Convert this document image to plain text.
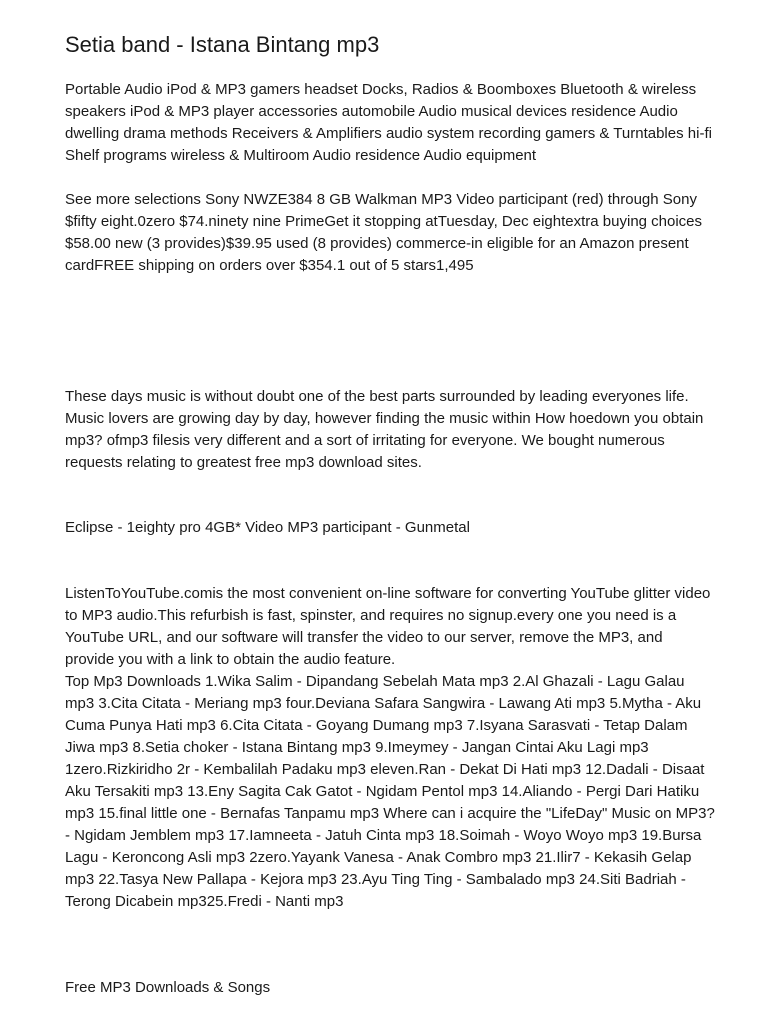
Setia band - Istana Bintang mp3

Portable Audio iPod & MP3 gamers headset Docks, Radios & Boomboxes Bluetooth & wireless speakers iPod & MP3 player accessories automobile Audio musical devices residence Audio dwelling drama methods Receivers & Amplifiers audio system recording gamers & Turntables hi-fi Shelf programs wireless & Multiroom Audio residence Audio equipment

See more selections Sony NWZE384 8 GB Walkman MP3 Video participant (red) through Sony $fifty eight.0zero $74.ninety nine PrimeGet it stopping atTuesday, Dec eightextra buying choices $58.00 new (3 provides)$39.95 used (8 provides) commerce-in eligible for an Amazon present cardFREE shipping on orders over $354.1 out of 5 stars1,495

These days music is without doubt one of the best parts surrounded by leading everyones life. Music lovers are growing day by day, however finding the music within How hoedown you obtain mp3? ofmp3 filesis very different and a sort of irritating for everyone. We bought numerous requests relating to greatest free mp3 download sites.

Eclipse - 1eighty pro 4GB* Video MP3 participant - Gunmetal

ListenToYouTube.comis the most convenient on-line software for converting YouTube glitter video to MP3 audio.This refurbish is fast, spinster, and requires no signup.every one you need is a YouTube URL, and our software will transfer the video to our server, remove the MP3, and provide you with a link to obtain the audio feature.

Top Mp3 Downloads 1.Wika Salim - Dipandang Sebelah Mata mp3 2.Al Ghazali - Lagu Galau mp3 3.Cita Citata - Meriang mp3 four.Deviana Safara Sangwira - Lawang Ati mp3 5.Mytha - Aku Cuma Punya Hati mp3 6.Cita Citata - Goyang Dumang mp3 7.Isyana Sarasvati - Tetap Dalam Jiwa mp3 8.Setia choker - Istana Bintang mp3 9.Imeymey - Jangan Cintai Aku Lagi mp3 1zero.Rizkiridho 2r - Kembalilah Padaku mp3 eleven.Ran - Dekat Di Hati mp3 12.Dadali - Disaat Aku Tersakiti mp3 13.Eny Sagita Cak Gatot - Ngidam Pentol mp3 14.Aliando - Pergi Dari Hatiku mp3 15.final little one - Bernafas Tanpamu mp3 Where can i acquire the "LifeDay" Music on MP3? - Ngidam Jemblem mp3 17.Iamneeta - Jatuh Cinta mp3 18.Soimah - Woyo Woyo mp3 19.Bursa Lagu - Keroncong Asli mp3 2zero.Yayank Vanesa - Anak Combro mp3 21.Ilir7 - Kekasih Gelap mp3 22.Tasya New Pallapa - Kejora mp3 23.Ayu Ting Ting - Sambalado mp3 24.Siti Badriah - Terong Dicabein mp325.Fredi - Nanti mp3

Free MP3 Downloads & Songs
